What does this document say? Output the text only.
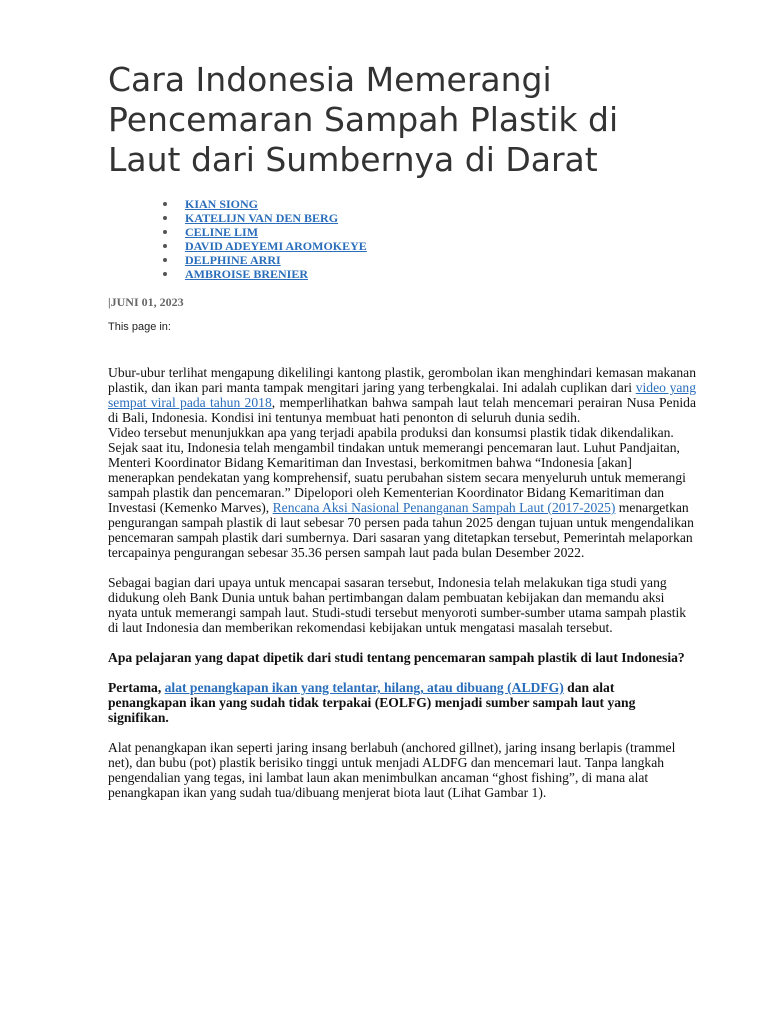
Cara Indonesia Memerangi Pencemaran Sampah Plastik di Laut dari Sumbernya di Darat
KIAN SIONG
KATELIJN VAN DEN BERG
CELINE LIM
DAVID ADEYEMI AROMOKEYE
DELPHINE ARRI
AMBROISE BRENIER
|JUNI 01, 2023
This page in:

Ubur-ubur terlihat mengapung dikelilingi kantong plastik, gerombolan ikan menghindari kemasan makanan plastik, dan ikan pari manta tampak mengitari jaring yang terbengkalai. Ini adalah cuplikan dari video yang sempat viral pada tahun 2018, memperlihatkan bahwa sampah laut telah mencemari perairan Nusa Penida di Bali, Indonesia. Kondisi ini tentunya membuat hati penonton di seluruh dunia sedih.

Video tersebut menunjukkan apa yang terjadi apabila produksi dan konsumsi plastik tidak dikendalikan. Sejak saat itu, Indonesia telah mengambil tindakan untuk memerangi pencemaran laut. Luhut Pandjaitan, Menteri Koordinator Bidang Kemaritiman dan Investasi, berkomitmen bahwa “Indonesia [akan] menerapkan pendekatan yang komprehensif, suatu perubahan sistem secara menyeluruh untuk memerangi sampah plastik dan pencemaran.” Dipelopori oleh Kementerian Koordinator Bidang Kemaritiman dan Investasi (Kemenko Marves), Rencana Aksi Nasional Penanganan Sampah Laut (2017-2025) menargetkan pengurangan sampah plastik di laut sebesar 70 persen pada tahun 2025 dengan tujuan untuk mengendalikan pencemaran sampah plastik dari sumbernya. Dari sasaran yang ditetapkan tersebut, Pemerintah melaporkan tercapainya pengurangan sebesar 35.36 persen sampah laut pada bulan Desember 2022.

Sebagai bagian dari upaya untuk mencapai sasaran tersebut, Indonesia telah melakukan tiga studi yang didukung oleh Bank Dunia untuk bahan pertimbangan dalam pembuatan kebijakan dan memandu aksi nyata untuk memerangi sampah laut. Studi-studi tersebut menyoroti sumber-sumber utama sampah plastik di laut Indonesia dan memberikan rekomendasi kebijakan untuk mengatasi masalah tersebut.

Apa pelajaran yang dapat dipetik dari studi tentang pencemaran sampah plastik di laut Indonesia?

Pertama, alat penangkapan ikan yang telantar, hilang, atau dibuang (ALDFG) dan alat penangkapan ikan yang sudah tidak terpakai (EOLFG) menjadi sumber sampah laut yang signifikan.

Alat penangkapan ikan seperti jaring insang berlabuh (anchored gillnet), jaring insang berlapis (trammel net), dan bubu (pot) plastik berisiko tinggi untuk menjadi ALDFG dan mencemari laut. Tanpa langkah pengendalian yang tegas, ini lambat laun akan menimbulkan ancaman “ghost fishing”, di mana alat penangkapan ikan yang sudah tua/dibuang menjerat biota laut (Lihat Gambar 1).
